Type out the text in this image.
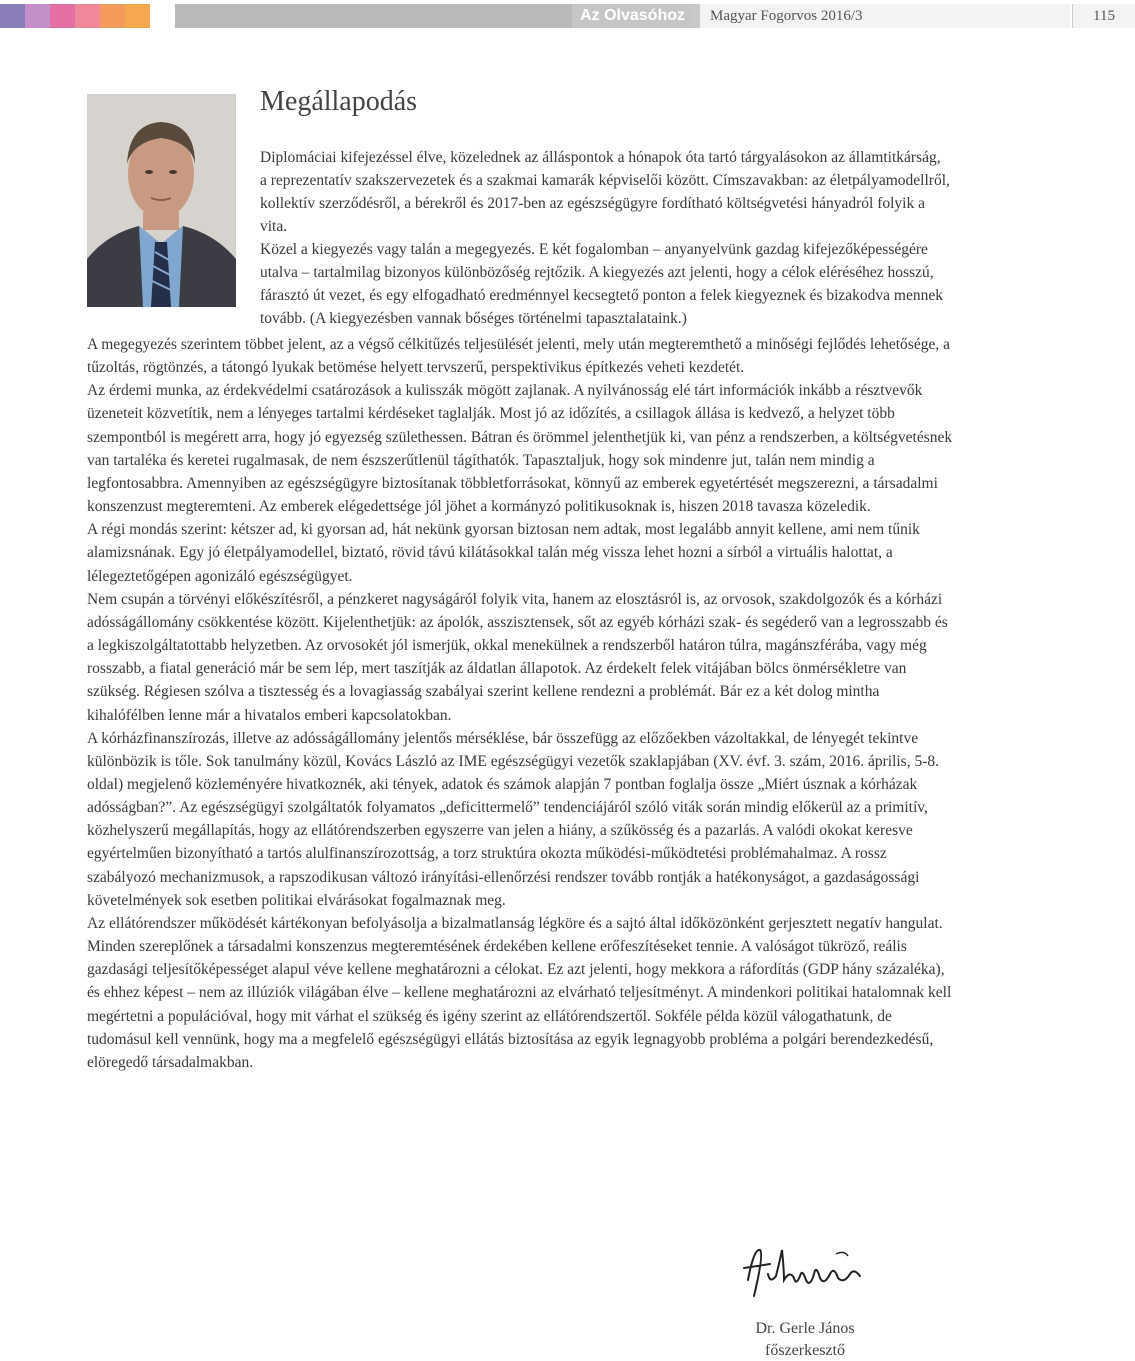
Az Olvasóhoz	Magyar Fogorvos 2016/3	115
Megállapodás

Diplomáciai kifejezéssel élve, közelednek az álláspontok a hónapok óta tartó tárgyalásokon az államtitkárság, a reprezentatív szakszervezetek és a szakmai kamarák képviselői között. Címszavakban: az életpályamodellről, kollektív szerződésről, a bérekről és 2017-ben az egészségügyre fordítható költségvetési hányadról folyik a vita.

Közel a kiegyezés vagy talán a megegyezés. E két fogalomban – anyanyelvünk gazdag kifejezőképességére utalva – tartalmilag bizonyos különbözőség rejtőzik. A kiegyezés azt jelenti, hogy a célok eléréséhez hosszú, fárasztó út vezet, és egy elfogadható eredménnyel kecsegtető ponton a felek kiegyeznek és bizakodva mennek tovább. (A kiegyezésben vannak bőséges történelmi tapasztalataink.)

A megegyezés szerintem többet jelent, az a végső célkitűzés teljesülését jelenti, mely után megteremthető a minőségi fejlődés lehetősége, a tűzoltás, rögtönzés, a tátongó lyukak betömése helyett tervszerű, perspektivikus építkezés veheti kezdetét.

Az érdemi munka, az érdekvédelmi csatározások a kulisszák mögött zajlanak. A nyilvánosság elé tárt információk inkább a résztvevők üzeneteit közvetítik, nem a lényeges tartalmi kérdéseket taglalják. Most jó az időzítés, a csillagok állása is kedvező, a helyzet több szempontból is megérett arra, hogy jó egyezség születhessen. Bátran és örömmel jelenthetjük ki, van pénz a rendszerben, a költségvetésnek van tartaléka és keretei rugalmasak, de nem észszerűtlenül tágíthatók. Tapasztaljuk, hogy sok mindenre jut, talán nem mindig a legfontosabbra. Amennyiben az egészségügyre biztosítanak többletforrásokat, könnyű az emberek egyetértését megszerezni, a társadalmi konszenzust megteremteni. Az emberek elégedettsége jól jöhet a kormányzó politikusoknak is, hiszen 2018 tavasza közeledik.

A régi mondás szerint: kétszer ad, ki gyorsan ad, hát nekünk gyorsan biztosan nem adtak, most legalább annyit kellene, ami nem tűnik alamizsnának. Egy jó életpályamodellel, biztató, rövid távú kilátásokkal talán még vissza lehet hozni a sírból a virtuális halottat, a lélegeztetőgépen agonizáló egészségügyet.

Nem csupán a törvényi előkészítésről, a pénzkeret nagyságáról folyik vita, hanem az elosztásról is, az orvosok, szakdolgozók és a kórházi adósságállomány csökkentése között. Kijelenthetjük: az ápolók, asszisztensek, sőt az egyéb kórházi szak- és segéderő van a legrosszabb és a legkiszolgáltatottabb helyzetben. Az orvosokét jól ismerjük, okkal menekülnek a rendszerből határon túlra, magánszférába, vagy még rosszabb, a fiatal generáció már be sem lép, mert taszítják az áldatlan állapotok. Az érdekelt felek vitájában bölcs önmérsékletre van szükség. Régiesen szólva a tisztesség és a lovagiasság szabályai szerint kellene rendezni a problémát. Bár ez a két dolog mintha kihalófélben lenne már a hivatalos emberi kapcsolatokban.

A kórházfinanszírozás, illetve az adósságállomány jelentős mérséklése, bár összefügg az előzőekben vázoltakkal, de lényegét tekintve különbözik is tőle. Sok tanulmány közül, Kovács László az IME egészségügyi vezetők szaklapjában (XV. évf. 3. szám, 2016. április, 5-8. oldal) megjelenő közleményére hivatkoznék, aki tények, adatok és számok alapján 7 pontban foglalja össze „Miért úsznak a kórházak adósságban?”. Az egészségügyi szolgáltatók folyamatos „deficittermelő” tendenciájáról szóló viták során mindig előkerül az a primitív, közhelyszerű megállapítás, hogy az ellátórendszerben egyszerre van jelen a hiány, a szűkösség és a pazarlás. A valódi okokat keresve egyértelműen bizonyítható a tartós alulfinanszírozottság, a torz struktúra okozta működési-működtetési problémahalmaz. A rossz szabályozó mechanizmusok, a rapszodikusan változó irányítási-ellenőrzési rendszer tovább rontják a hatékonyságot, a gazdaságossági követelmények sok esetben politikai elvárásokat fogalmaznak meg.

Az ellátórendszer működését kártékonyan befolyásolja a bizalmatlanság légköre és a sajtó által időközönként gerjesztett negatív hangulat. Minden szereplőnek a társadalmi konszenzus megteremtésének érdekében kellene erőfeszítéseket tennie. A valóságot tükröző, reális gazdasági teljesítőképességet alapul véve kellene meghatározni a célokat. Ez azt jelenti, hogy mekkora a ráfordítás (GDP hány százaléka), és ehhez képest – nem az illúziók világában élve – kellene meghatározni az elvárható teljesítményt. A mindenkori politikai hatalomnak kell megértetni a populációval, hogy mit várhat el szükség és igény szerint az ellátórendszertől. Sokféle példa közül válogathatunk, de tudomásul kell vennünk, hogy ma a megfelelő egészségügyi ellátás biztosítása az egyik legnagyobb probléma a polgári berendezkedésű, elöregedő társadalmakban.

Dr. Gerle János
főszerkesztő
